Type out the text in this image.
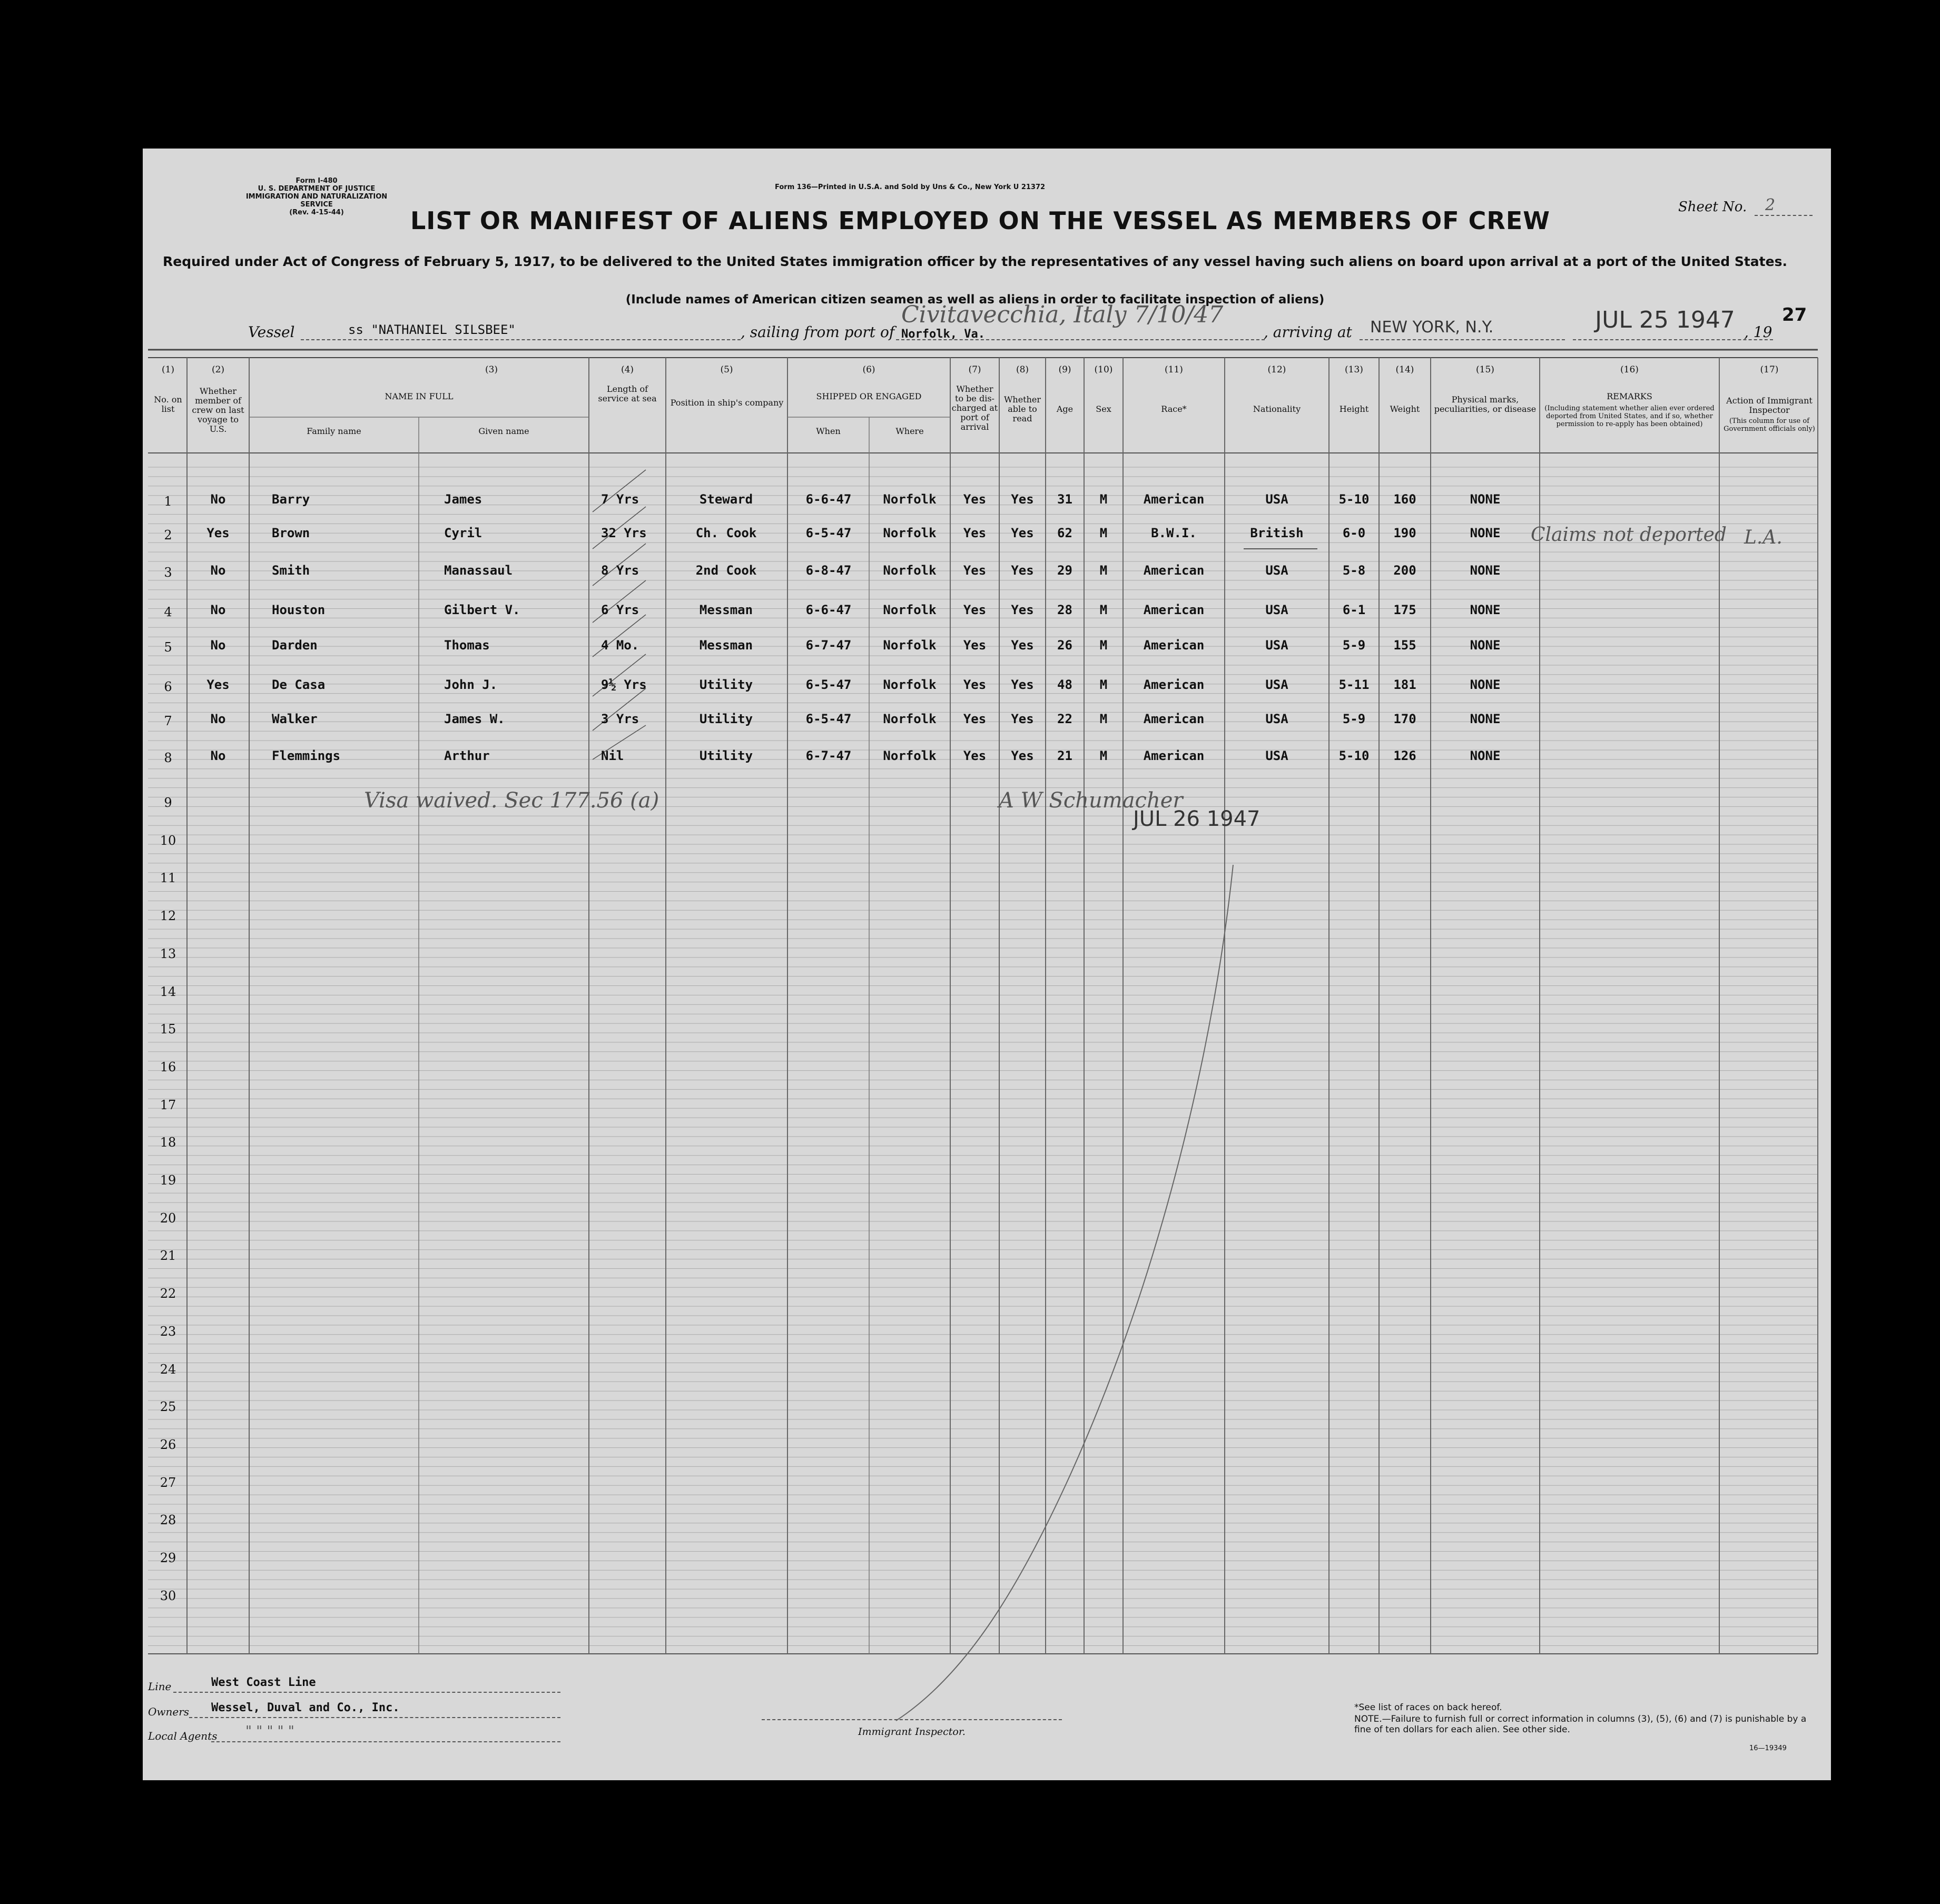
Form I-480
U. S. DEPARTMENT OF JUSTICE
IMMIGRATION AND NATURALIZATION SERVICE
(Rev. 4-15-44)
Form 136—Printed in U.S.A. and Sold by Uns & Co., New York U 21372
Sheet No. 2
LIST OR MANIFEST OF ALIENS EMPLOYED ON THE VESSEL AS MEMBERS OF CREW
Required under Act of Congress of February 5, 1917, to be delivered to the United States immigration officer by the representatives of any vessel having such aliens on board upon arrival at a port of the United States.
(Include names of American citizen seamen as well as aliens in order to facilitate inspection of aliens)
27
Vessel	ss "NATHANIEL SILSBEE"	, sailing from port of Norfolk, Va.
Civitavecchia, Italy 7/10/47
, arriving at NEW YORK, N.Y.	JUL 25 1947 , 19
(1)	(2)	(3)	(4)	(5)	(6)	(7)	(8)	(9)	(10)	(11)	(12)	(13)	(14)	(15)	(16)	(17)
No. on list
Whether member of crew on last voyage to U.S.
NAME IN FULL
Family name	Given name
Length of service at sea	Position in ship's company
SHIPPED OR ENGAGED
When	Where
Whether to be dis-charged at port of arrival
Whether able to read
Age	Sex	Race*	Nationality	Height	Weight
Physical marks, peculiarities, or disease
REMARKS
(Including statement whether alien ever ordered deported from United States, and if so, whether permission to re-apply has been obtained)
Action of Immigrant Inspector
(This column for use of Government officials only)
1	No	Barry	James	7 Yrs	Steward	6-6-47	Norfolk	Yes	Yes	31	M	American	USA	5-10	160	NONE
2	Yes	Brown	Cyril	32 Yrs	Ch. Cook	6-5-47	Norfolk	Yes	Yes	62	M	B.W.I.	British	6-0	190	NONE
3	No	Smith	Manassaul	8 Yrs	2nd Cook	6-8-47	Norfolk	Yes	Yes	29	M	American	USA	5-8	200	NONE
4	No	Houston	Gilbert V.	6 Yrs	Messman	6-6-47	Norfolk	Yes	Yes	28	M	American	USA	6-1	175	NONE
5	No	Darden	Thomas	4 Mo.	Messman	6-7-47	Norfolk	Yes	Yes	26	M	American	USA	5-9	155	NONE
6	Yes	De Casa	John J.	9½ Yrs	Utility	6-5-47	Norfolk	Yes	Yes	48	M	American	USA	5-11	181	NONE
7	No	Walker	James W.	3 Yrs	Utility	6-5-47	Norfolk	Yes	Yes	22	M	American	USA	5-9	170	NONE
8	No	Flemmings	Arthur	Nil	Utility	6-7-47	Norfolk	Yes	Yes	21	M	American	USA	5-10	126	NONE
9
10
11
12
13
14
15
16
17
18
19
20
21
22
23
24
25
26
27
28
29
30
Claims not deported L.A.
Visa waived. Sec 177.56 (a)	A W Schumacher
JUL 26 1947
Line	West Coast Line
Owners Wessel, Duval and Co., Inc.
Local Agents " " " " "	Immigrant Inspector.
*See list of races on back hereof.
NOTE.—Failure to furnish full or correct information in columns (3), (5), (6) and (7) is punishable by a fine of ten dollars for each alien. See other side.
16—19349
